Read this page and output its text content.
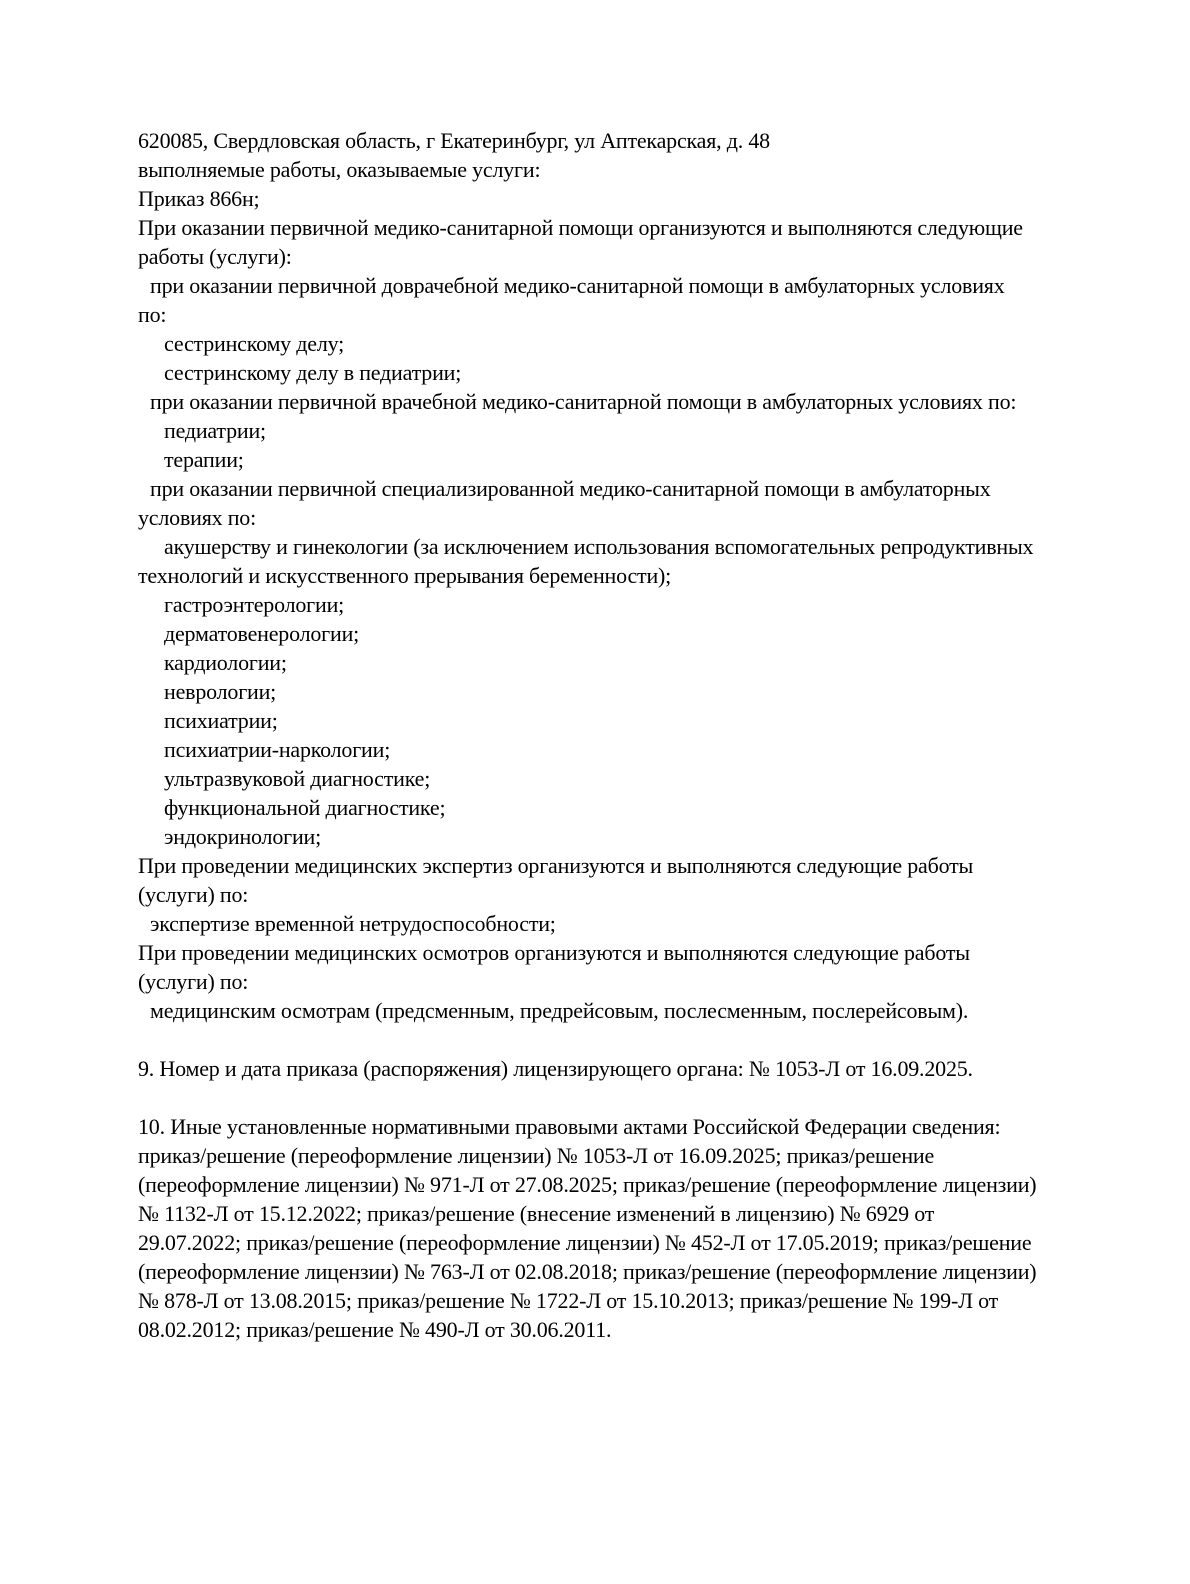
620085, Свердловская область, г Екатеринбург, ул Аптекарская, д. 48
выполняемые работы, оказываемые услуги:
Приказ 866н;
При оказании первичной медико-санитарной помощи организуются и выполняются следующие
работы (услуги):
при оказании первичной доврачебной медико-санитарной помощи в амбулаторных условиях
по:
сестринскому делу;
сестринскому делу в педиатрии;
при оказании первичной врачебной медико-санитарной помощи в амбулаторных условиях по:
педиатрии;
терапии;
при оказании первичной специализированной медико-санитарной помощи в амбулаторных
условиях по:
акушерству и гинекологии (за исключением использования вспомогательных репродуктивных
технологий и искусственного прерывания беременности);
гастроэнтерологии;
дерматовенерологии;
кардиологии;
неврологии;
психиатрии;
психиатрии-наркологии;
ультразвуковой диагностике;
функциональной диагностике;
эндокринологии;
При проведении медицинских экспертиз организуются и выполняются следующие работы
(услуги) по:
экспертизе временной нетрудоспособности;
При проведении медицинских осмотров организуются и выполняются следующие работы
(услуги) по:
медицинским осмотрам (предсменным, предрейсовым, послесменным, послерейсовым).
9. Номер и дата приказа (распоряжения) лицензирующего органа: № 1053-Л от 16.09.2025.
10. Иные установленные нормативными правовыми актами Российской Федерации сведения:
приказ/решение (переоформление лицензии) № 1053-Л от 16.09.2025; приказ/решение
(переоформление лицензии) № 971-Л от 27.08.2025; приказ/решение (переоформление лицензии)
№ 1132-Л от 15.12.2022; приказ/решение (внесение изменений в лицензию) № 6929 от
29.07.2022; приказ/решение (переоформление лицензии) № 452-Л от 17.05.2019; приказ/решение
(переоформление лицензии) № 763-Л от 02.08.2018; приказ/решение (переоформление лицензии)
№ 878-Л от 13.08.2015; приказ/решение № 1722-Л от 15.10.2013; приказ/решение № 199-Л от
08.02.2012; приказ/решение № 490-Л от 30.06.2011.
